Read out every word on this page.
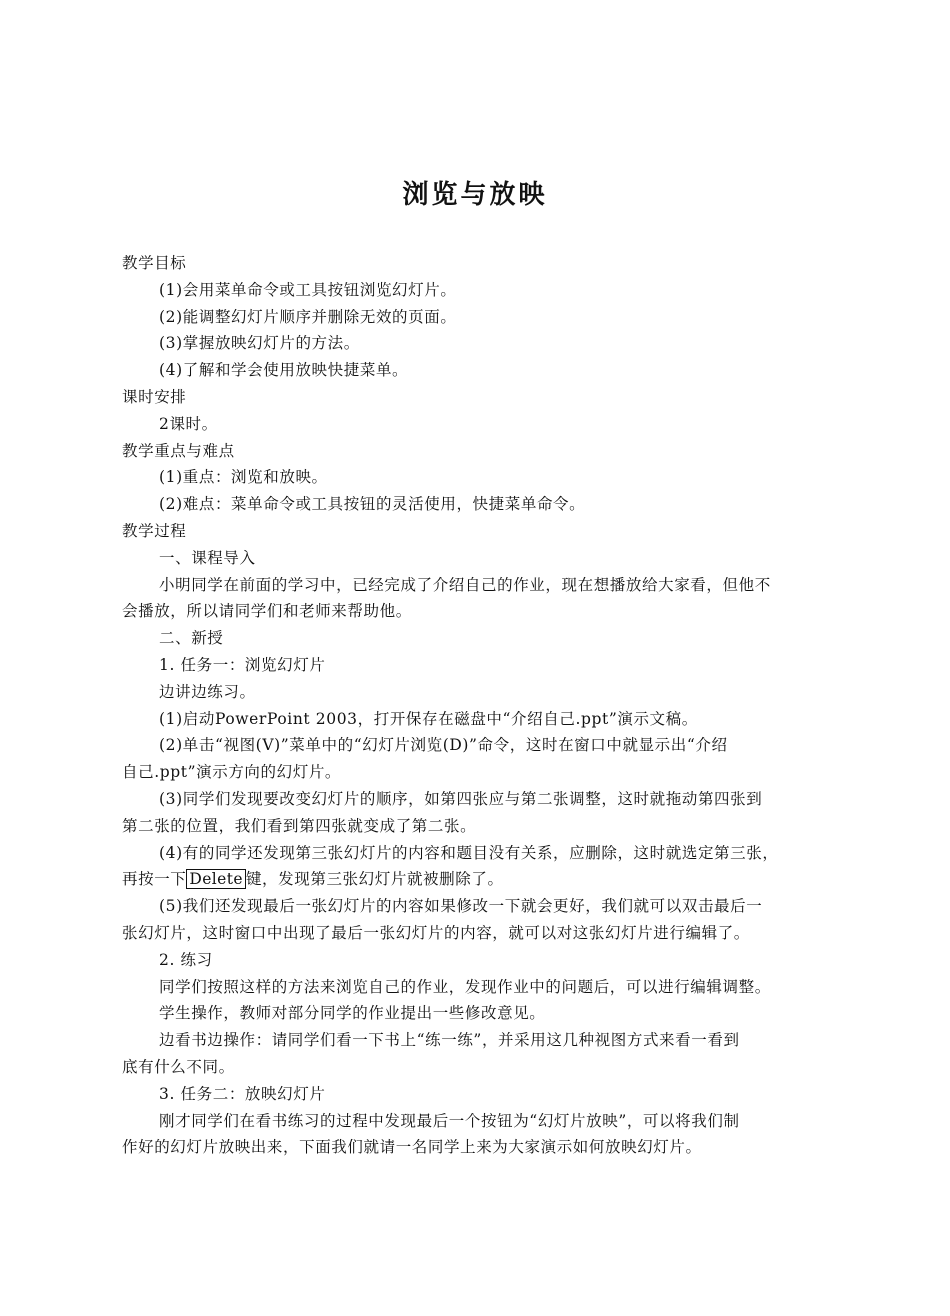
浏览与放映
教学目标
(1)会用菜单命令或工具按钮浏览幻灯片。
(2)能调整幻灯片顺序并删除无效的页面。
(3)掌握放映幻灯片的方法。
(4)了解和学会使用放映快捷菜单。
课时安排
2课时。
教学重点与难点
(1)重点：浏览和放映。
(2)难点：菜单命令或工具按钮的灵活使用，快捷菜单命令。
教学过程
一、课程导入
小明同学在前面的学习中，已经完成了介绍自己的作业，现在想播放给大家看，但他不
会播放，所以请同学们和老师来帮助他。
二、新授
1. 任务一：浏览幻灯片
边讲边练习。
(1)启动PowerPoint 2003，打开保存在磁盘中“介绍自己.ppt”演示文稿。
(2)单击“视图(V)”菜单中的“幻灯片浏览(D)”命令，这时在窗口中就显示出“介绍
自己.ppt”演示方向的幻灯片。
(3)同学们发现要改变幻灯片的顺序，如第四张应与第二张调整，这时就拖动第四张到
第二张的位置，我们看到第四张就变成了第二张。
(4)有的同学还发现第三张幻灯片的内容和题目没有关系，应删除，这时就选定第三张，
再按一下 Delete 键，发现第三张幻灯片就被删除了。
(5)我们还发现最后一张幻灯片的内容如果修改一下就会更好，我们就可以双击最后一
张幻灯片，这时窗口中出现了最后一张幻灯片的内容，就可以对这张幻灯片进行编辑了。
2. 练习
同学们按照这样的方法来浏览自己的作业，发现作业中的问题后，可以进行编辑调整。
学生操作，教师对部分同学的作业提出一些修改意见。
边看书边操作：请同学们看一下书上“练一练”，并采用这几种视图方式来看一看到
底有什么不同。
3. 任务二：放映幻灯片
刚才同学们在看书练习的过程中发现最后一个按钮为“幻灯片放映”，可以将我们制
作好的幻灯片放映出来，下面我们就请一名同学上来为大家演示如何放映幻灯片。
